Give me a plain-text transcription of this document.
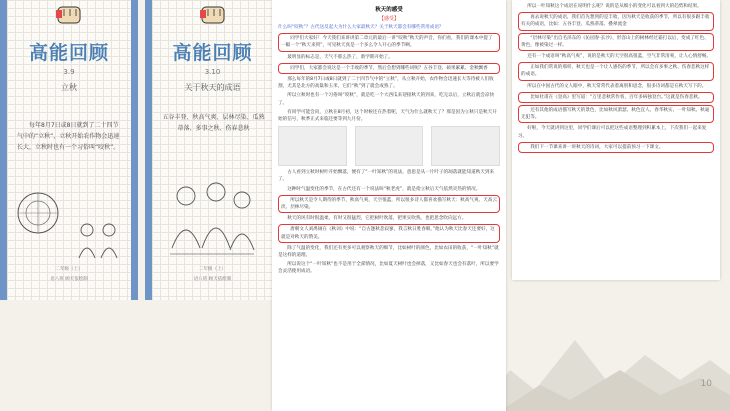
10
高能回顾
3.9
立秋
每年8月7日或8日就到了二十四节气中的“立秋”，立秋开始农作物会迅速长大，立秋时也有一个习俗叫“咬秋”。
二年级（上）
语八班 顾天依绘制
高能回顾
3.10
关于秋天的成语
五谷丰登、秋高气爽、层林尽染、瓜熟蒂落、多事之秋、伤春悲秋
二年级（上）
语八班 顾天依绘制
秋天的感受
【感受】

什么叫“咬秋”？古代送反起大为什么大家最秋天？关于秋天都会有哪些常用成语？

同学们大家好！今天我们来讲讲第二章元的最后一讲“咬秋”秋天的声音，你们看，我们的课本中提了一幅一个“秋天来到”，可见秋天真是一个多么令人开心的季节啊。

最明显的标志是，天气不那么热了，新学期开始了。

同学们，大家都会说这是一个丰收的季节，然后会想到哪些词呢？五谷丰登、硕果累累、金秋飘香

那么每年的8月7日或8日就到了二十四节气中的“立秋”，从立秋开始，农作物会迅速长大等待被人们收割，尤其是北方的高粱和玉米，它们“秋”到了就会成熟了。

所以立秋时也有一个习俗叫“咬秋”，就是吃一个大西瓜来迎接秋天的到来，吃完以后，立秋后就会凉快了。

有同学可能会问，立秋在8月初，这个时候还在热着呢，天气为什么就秋天了？那是因为立秋只是秋天开始的信号，秋季正式来临还要等到九月份。

古人看到立秋时树叶开始飘落，便有了“一叶知秋”的说法，意思是从一片叶子的凋落就能知道秋天到来了。

这种时气温变化的季节，在古代还有一个说法叫“秋老虎”，就是指立秋后天气依然炎热的情况。

所以秋天是令人期待的季节，秋高气爽，天空很蓝，所以很多诗人都喜欢描写秋天：秋高气爽、天高云淡、层林尽染。

秋天的风有时很温柔，有时又很猛烈，它把树叶吹落，把果实吹熟，也把思念吹向远方。

唐朝文人刘禹锡在《秋词》中说：“自古逢秋悲寂寥，我言秋日胜春朝。”他认为秋天比春天还要好，这就是对秋天的赞美。

除了气温的变化，我们还有更多可以观察秋天的细节，比如树叶的颜色，比如农田的收获，“一叶知秋”就是这样的道理。

所以说这个“一叶知秋”也不是用于全部情况，比如夏天树叶也会掉落，又比如春天也会有落叶，所以要学会灵活使用成语。

所以一叶知秋这个成语在说明什么呢？说的是从细小的变化可以看到大的趋势和结果。

再去说秋天的成语，我们首先想到的是丰收，因为秋天是收获的季节，所以有很多跟丰收有关的成语，比如：五谷丰登、瓜熟蒂落、叠翠流金

“层林尽染”出自毛泽东的《沁园春·长沙》，形容山上的树林经过霜打以后，变成了红色、黄色，像被染过一样。

还有一个成语叫“秋高气爽”，说的是秋天的天空很高很蓝，空气非常清爽，让人心情舒畅。

正如我们常说的那样，秋天也是一个让人感伤的季节，所以会有多事之秋、伤春悲秋这样的成语。

所以在中国古代的文人眼中，秋天常常代表着离别和思念，很多诗词都是在秋天写下的。

比如杜甫在《登高》里写道：“万里悲秋常作客，百年多病独登台。”这就是伤春悲秋。

还有其他的成语描写秋天的景色，比如秋风萧瑟、秋色宜人、春华秋实、一叶知秋、秋毫无犯等。

好啦，今天就讲到这里，同学们课后可以把这些成语整理到积累本上，下次我们一起来复习。

我们下一节课来讲一讲秋天的诗词，大家可以提前预习一下课文。
